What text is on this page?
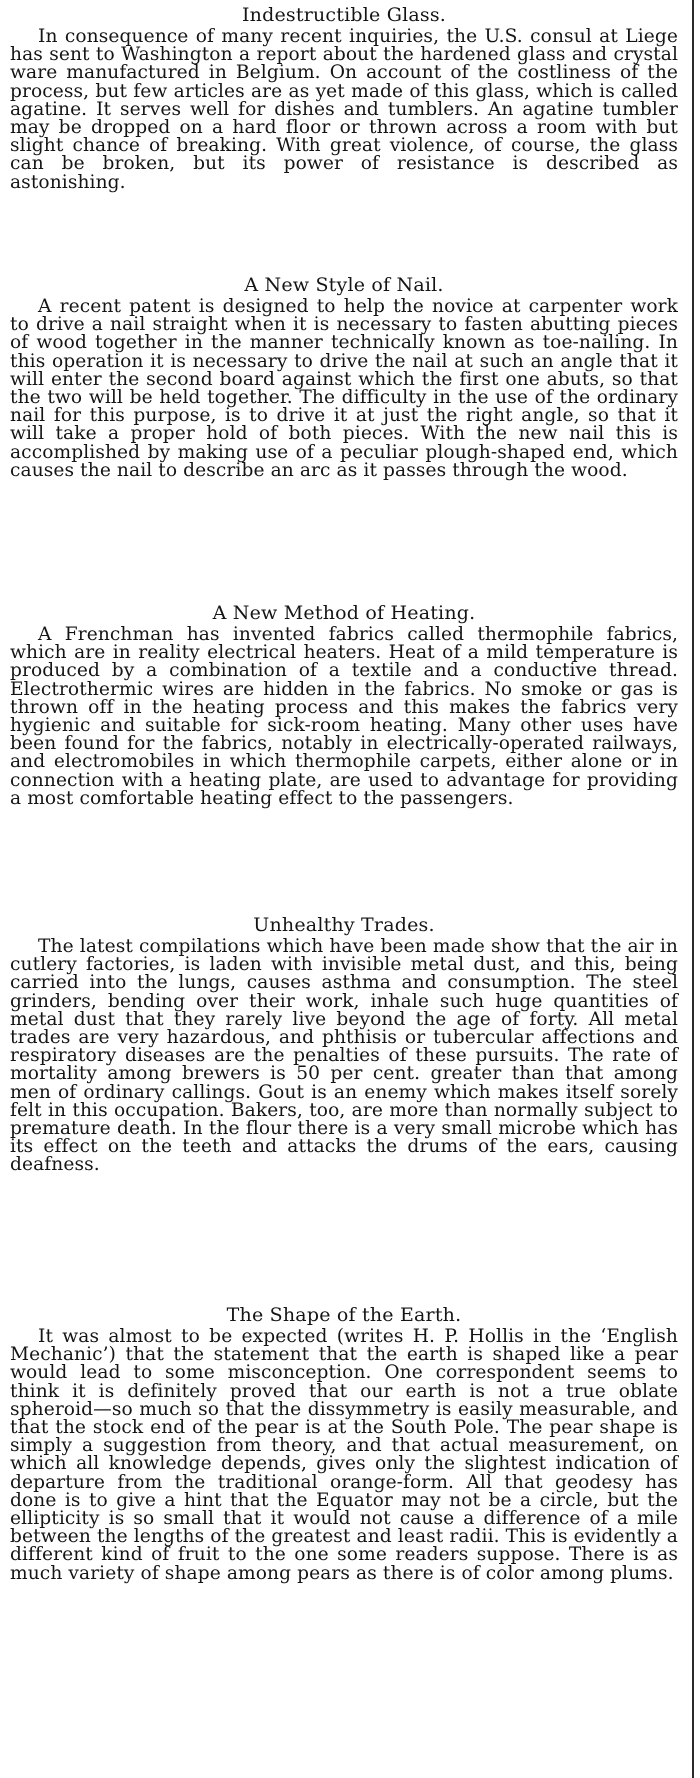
Indestructible Glass.

In consequence of many recent inquiries, the U.S. consul at Liege has sent to Washington a report about the hardened glass and crystal ware manufactured in Belgium. On account of the costliness of the process, but few articles are as yet made of this glass, which is called agatine. It serves well for dishes and tumblers. An agatine tumbler may be dropped on a hard floor or thrown across a room with but slight chance of breaking. With great violence, of course, the glass can be broken, but its power of resistance is described as astonishing.

A New Style of Nail.

A recent patent is designed to help the novice at carpenter work to drive a nail straight when it is necessary to fasten abutting pieces of wood together in the manner technically known as toe-nailing. In this operation it is necessary to drive the nail at such an angle that it will enter the second board against which the first one abuts, so that the two will be held together. The difficulty in the use of the ordinary nail for this purpose, is to drive it at just the right angle, so that it will take a proper hold of both pieces. With the new nail this is accomplished by making use of a peculiar plough-shaped end, which causes the nail to describe an arc as it passes through the wood.

A New Method of Heating.

A Frenchman has invented fabrics called thermophile fabrics, which are in reality electrical heaters. Heat of a mild temperature is produced by a combination of a textile and a conductive thread. Electrothermic wires are hidden in the fabrics. No smoke or gas is thrown off in the heating process and this makes the fabrics very hygienic and suitable for sick-room heating. Many other uses have been found for the fabrics, notably in electrically-operated railways, and electromobiles in which thermophile carpets, either alone or in connection with a heating plate, are used to advantage for providing a most comfortable heating effect to the passengers.

Unhealthy Trades.

The latest compilations which have been made show that the air in cutlery factories, is laden with invisible metal dust, and this, being carried into the lungs, causes asthma and consumption. The steel grinders, bending over their work, inhale such huge quantities of metal dust that they rarely live beyond the age of forty. All metal trades are very hazardous, and phthisis or tubercular affections and respiratory diseases are the penalties of these pursuits. The rate of mortality among brewers is 50 per cent. greater than that among men of ordinary callings. Gout is an enemy which makes itself sorely felt in this occupation. Bakers, too, are more than normally subject to premature death. In the flour there is a very small microbe which has its effect on the teeth and attacks the drums of the ears, causing deafness.

The Shape of the Earth.

It was almost to be expected (writes H. P. Hollis in the ‘English Mechanic’) that the statement that the earth is shaped like a pear would lead to some misconception. One correspondent seems to think it is definitely proved that our earth is not a true oblate spheroid—so much so that the dissymmetry is easily measurable, and that the stock end of the pear is at the South Pole. The pear shape is simply a suggestion from theory, and that actual measurement, on which all knowledge depends, gives only the slightest indication of departure from the traditional orange-form. All that geodesy has done is to give a hint that the Equator may not be a circle, but the ellipticity is so small that it would not cause a difference of a mile between the lengths of the greatest and least radii. This is evidently a different kind of fruit to the one some readers suppose. There is as much variety of shape among pears as there is of color among plums.
